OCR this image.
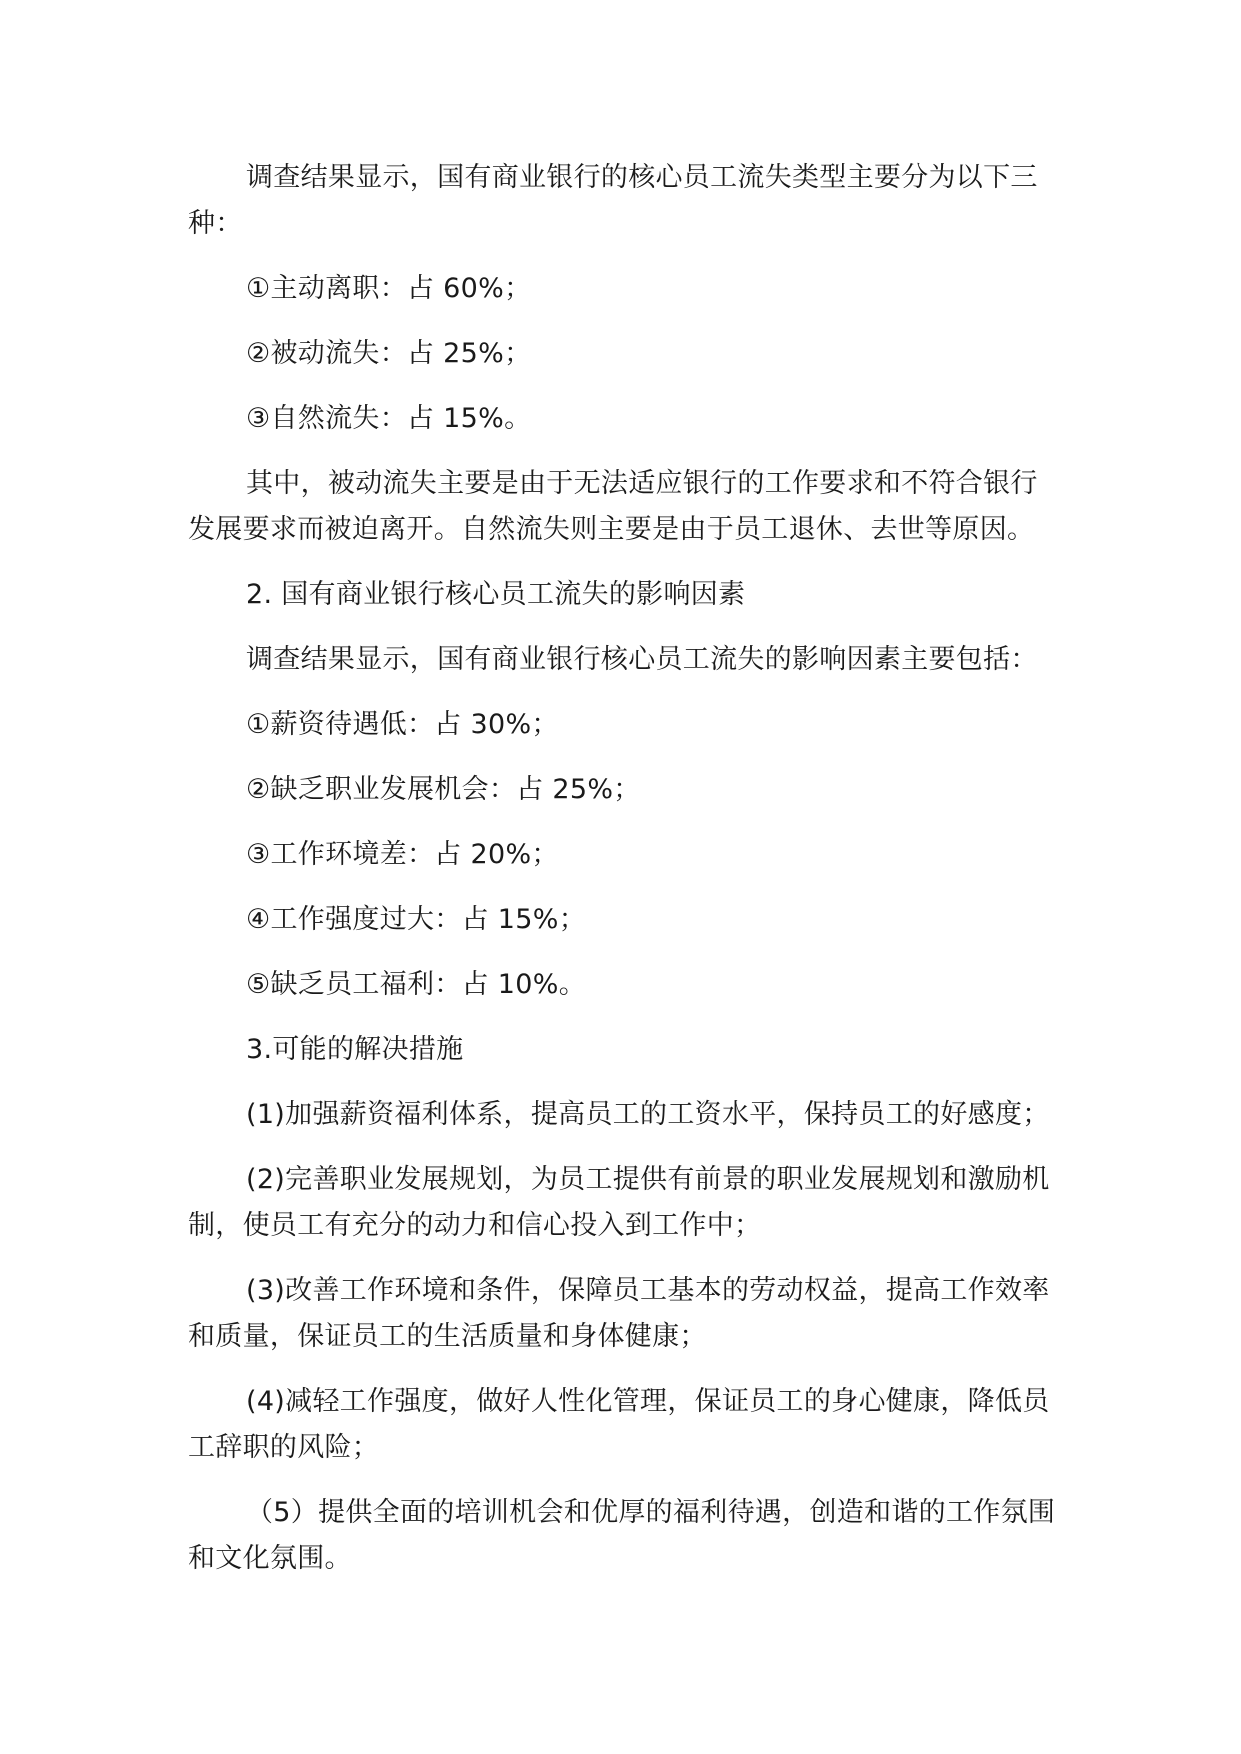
调查结果显示，国有商业银行的核心员工流失类型主要分为以下三种：

①主动离职：占 60%；

②被动流失：占 25%；

③自然流失：占 15%。

其中，被动流失主要是由于无法适应银行的工作要求和不符合银行发展要求而被迫离开。自然流失则主要是由于员工退休、去世等原因。

2. 国有商业银行核心员工流失的影响因素

调查结果显示，国有商业银行核心员工流失的影响因素主要包括：

①薪资待遇低：占 30%；

②缺乏职业发展机会：占 25%；

③工作环境差：占 20%；

④工作强度过大：占 15%；

⑤缺乏员工福利：占 10%。

3.可能的解决措施

(1)加强薪资福利体系，提高员工的工资水平，保持员工的好感度；

(2)完善职业发展规划，为员工提供有前景的职业发展规划和激励机制，使员工有充分的动力和信心投入到工作中；

(3)改善工作环境和条件，保障员工基本的劳动权益，提高工作效率和质量，保证员工的生活质量和身体健康；

(4)减轻工作强度，做好人性化管理，保证员工的身心健康，降低员工辞职的风险；

（5）提供全面的培训机会和优厚的福利待遇，创造和谐的工作氛围和文化氛围。
